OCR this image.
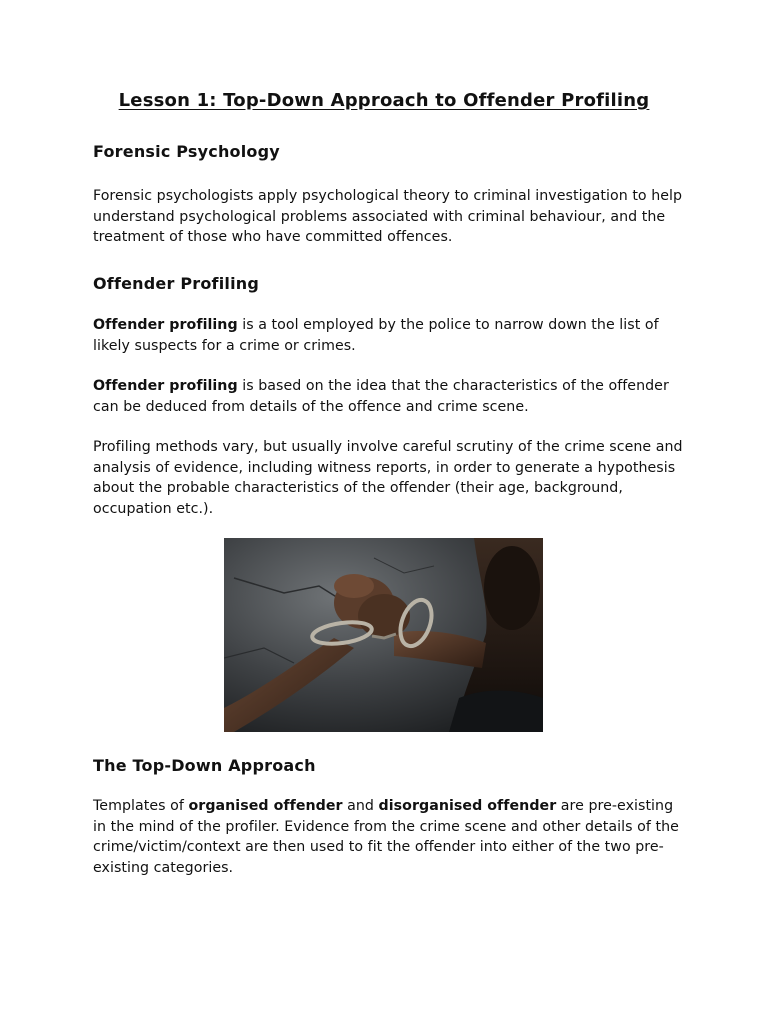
Lesson 1: Top-Down Approach to Offender Profiling
Forensic Psychology
Forensic psychologists apply psychological theory to criminal investigation to help understand psychological problems associated with criminal behaviour, and the treatment of those who have committed offences.
Offender Profiling
Offender profiling is a tool employed by the police to narrow down the list of likely suspects for a crime or crimes.
Offender profiling is based on the idea that the characteristics of the offender can be deduced from details of the offence and crime scene.
Profiling methods vary, but usually involve careful scrutiny of the crime scene and analysis of evidence, including witness reports, in order to generate a hypothesis about the probable characteristics of the offender (their age, background, occupation etc.).
The Top-Down Approach
Templates of organised offender and disorganised offender are pre-existing in the mind of the profiler. Evidence from the crime scene and other details of the crime/victim/context are then used to fit the offender into either of the two pre-existing categories.
